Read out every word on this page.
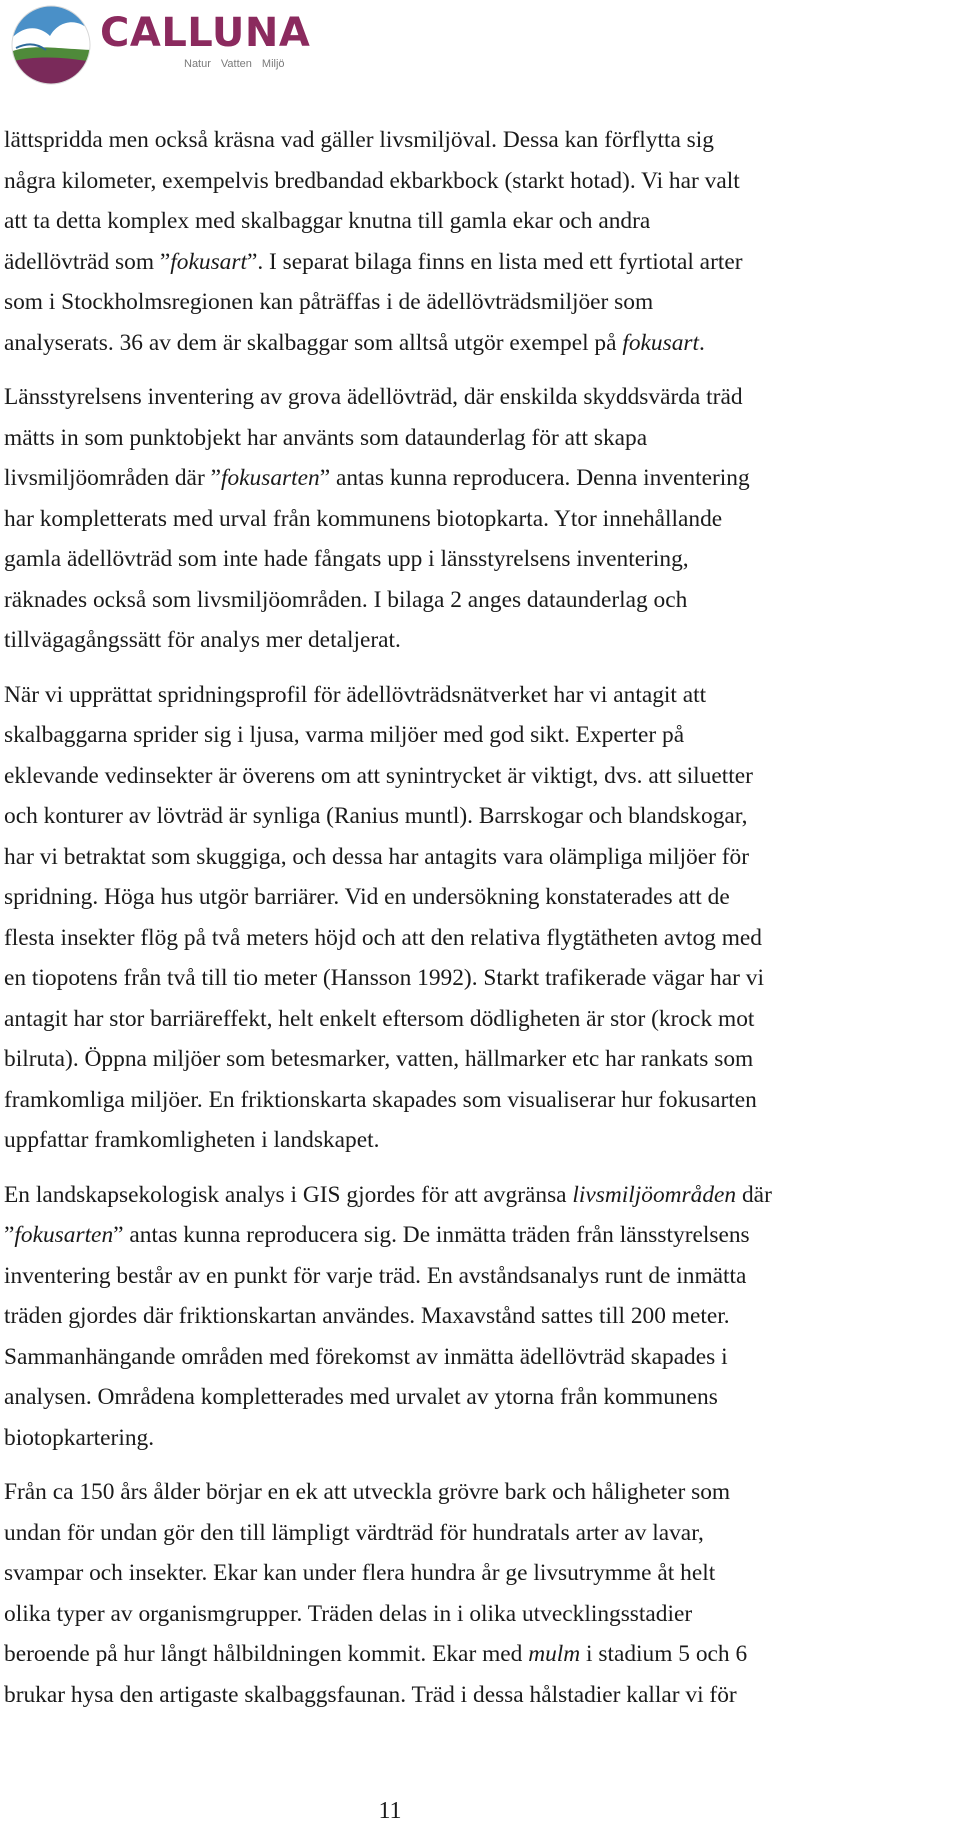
CALLUNA
Natur Vatten Miljö

lättspridda men också kräsna vad gäller livsmiljöval. Dessa kan förflytta sig
några kilometer, exempelvis bredbandad ekbarkbock (starkt hotad). Vi har valt
att ta detta komplex med skalbaggar knutna till gamla ekar och andra
ädellövträd som ”fokusart”. I separat bilaga finns en lista med ett fyrtiotal arter
som i Stockholmsregionen kan påträffas i de ädellövträdsmiljöer som
analyserats. 36 av dem är skalbaggar som alltså utgör exempel på fokusart.

Länsstyrelsens inventering av grova ädellövträd, där enskilda skyddsvärda träd
mätts in som punktobjekt har använts som dataunderlag för att skapa
livsmiljöområden där ”fokusarten” antas kunna reproducera. Denna inventering
har kompletterats med urval från kommunens biotopkarta. Ytor innehållande
gamla ädellövträd som inte hade fångats upp i länsstyrelsens inventering,
räknades också som livsmiljöområden. I bilaga 2 anges dataunderlag och
tillvägagångssätt för analys mer detaljerat.

När vi upprättat spridningsprofil för ädellövträdsnätverket har vi antagit att
skalbaggarna sprider sig i ljusa, varma miljöer med god sikt. Experter på
eklevande vedinsekter är överens om att synintrycket är viktigt, dvs. att siluetter
och konturer av lövträd är synliga (Ranius muntl). Barrskogar och blandskogar,
har vi betraktat som skuggiga, och dessa har antagits vara olämpliga miljöer för
spridning. Höga hus utgör barriärer. Vid en undersökning konstaterades att de
flesta insekter flög på två meters höjd och att den relativa flygtätheten avtog med
en tiopotens från två till tio meter (Hansson 1992). Starkt trafikerade vägar har vi
antagit har stor barriäreffekt, helt enkelt eftersom dödligheten är stor (krock mot
bilruta). Öppna miljöer som betesmarker, vatten, hällmarker etc har rankats som
framkomliga miljöer. En friktionskarta skapades som visualiserar hur fokusarten
uppfattar framkomligheten i landskapet.

En landskapsekologisk analys i GIS gjordes för att avgränsa livsmiljöområden där
”fokusarten” antas kunna reproducera sig. De inmätta träden från länsstyrelsens
inventering består av en punkt för varje träd. En avståndsanalys runt de inmätta
träden gjordes där friktionskartan användes. Maxavstånd sattes till 200 meter.
Sammanhängande områden med förekomst av inmätta ädellövträd skapades i
analysen. Områdena kompletterades med urvalet av ytorna från kommunens
biotopkartering.

Från ca 150 års ålder börjar en ek att utveckla grövre bark och håligheter som
undan för undan gör den till lämpligt värdträd för hundratals arter av lavar,
svampar och insekter. Ekar kan under flera hundra år ge livsutrymme åt helt
olika typer av organismgrupper. Träden delas in i olika utvecklingsstadier
beroende på hur långt hålbildningen kommit. Ekar med mulm i stadium 5 och 6
brukar hysa den artigaste skalbaggsfaunan. Träd i dessa hålstadier kallar vi för

11
